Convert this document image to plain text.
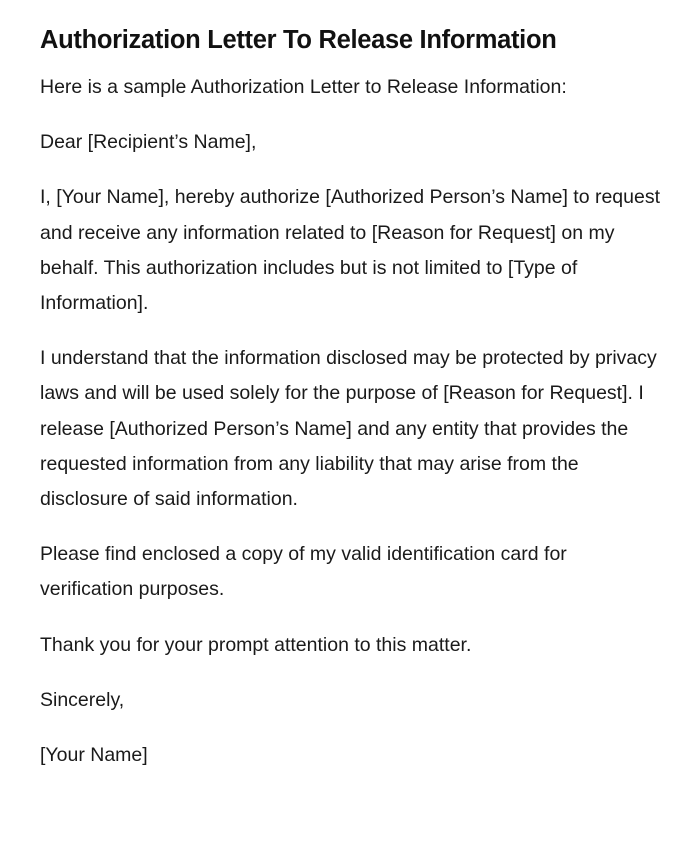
Authorization Letter To Release Information

Here is a sample Authorization Letter to Release Information:

Dear [Recipient’s Name],

I, [Your Name], hereby authorize [Authorized Person’s Name] to request and receive any information related to [Reason for Request] on my behalf. This authorization includes but is not limited to [Type of Information].

I understand that the information disclosed may be protected by privacy laws and will be used solely for the purpose of [Reason for Request]. I release [Authorized Person’s Name] and any entity that provides the requested information from any liability that may arise from the disclosure of said information.

Please find enclosed a copy of my valid identification card for verification purposes.

Thank you for your prompt attention to this matter.

Sincerely,

[Your Name]
